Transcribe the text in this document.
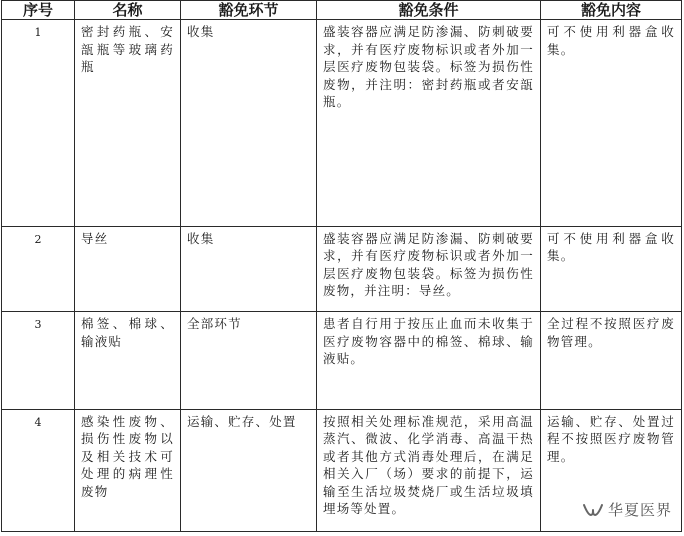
序号	名称	豁免环节	豁免条件	豁免内容
1	密封药瓶、安瓿瓶等玻璃药瓶	收集	盛装容器应满足防渗漏、防刺破要求，并有医疗废物标识或者外加一层医疗废物包装袋。标签为损伤性废物，并注明：密封药瓶或者安瓿瓶。	可不使用利器盒收集。

2	导丝	收集	盛装容器应满足防渗漏、防刺破要求，并有医疗废物标识或者外加一层医疗废物包装袋。标签为损伤性废物，并注明：导丝。	可不使用利器盒收集。

3	棉签、棉球、输液贴	全部环节	患者自行用于按压止血而未收集于医疗废物容器中的棉签、棉球、输液贴。	全过程不按照医疗废物管理。

4	感染性废物、损伤性废物以及相关技术可处理的病理性废物	运输、贮存、处置	按照相关处理标准规范，采用高温蒸汽、微波、化学消毒、高温干热或者其他方式消毒处理后，在满足相关入厂（场）要求的前提下，运输至生活垃圾焚烧厂或生活垃圾填埋场等处置。	运输、贮存、处置过程不按照医疗废物管理。
华夏医界
